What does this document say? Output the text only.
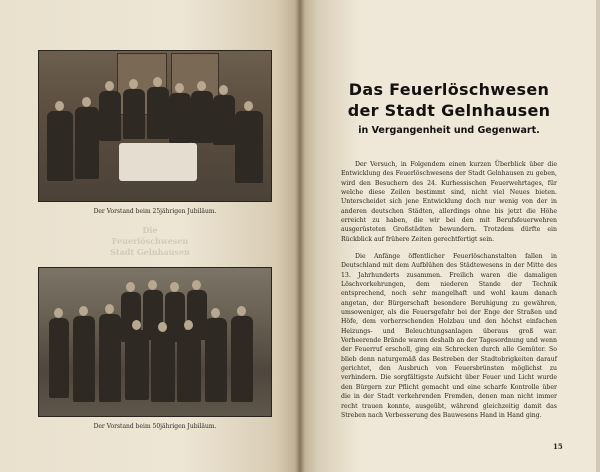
Die
Feuerlöschwesen
Stadt Gelnhausen
Der Vorstand beim 25jährigen Jubiläum.
Der Vorstand beim 50jährigen Jubiläum.
Das Feuerlöschwesen
der Stadt Gelnhausen
in Vergangenheit und Gegenwart.

Der Versuch, in Folgendem einen kurzen Überblick über die Entwicklung des Feuerlöschwesens der Stadt Gelnhausen zu geben, wird den Besuchern des 24. Kurhessischen Feuerwehrtages, für welche diese Zeilen bestimmt sind, nicht viel Neues bieten. Unterscheidet sich jene Entwicklung doch nur wenig von der in anderen deutschen Städten, allerdings ohne bis jetzt die Höhe erreicht zu haben, die wir bei den mit Berufsfeuerwehren ausgerüsteten Großstädten bewundern. Trotzdem dürfte ein Rückblick auf frühere Zeiten gerechtfertigt sein.

Die Anfänge öffentlicher Feuerlöschanstalten fallen in Deutschland mit dem Aufblühen des Städtewesens in der Mitte des 13. Jahrhunderts zusammen. Freilich waren die damaligen Löschvorkehrungen, dem niederen Stande der Technik entsprechend, noch sehr mangelhaft und wohl kaum danach angetan, der Bürgerschaft besondere Beruhigung zu gewähren, umsoweniger, als die Feuersgefahr bei der Enge der Straßen und Höfe, dem vorherrschenden Holzbau und den höchst einfachen Heizungs- und Beleuchtungsanlagen überaus groß war. Verheerende Brände waren deshalb an der Tagesordnung und wenn der Feuerruf erscholl, ging ein Schrecken durch alle Gemüter. So blieb denn naturgemäß das Bestreben der Stadtobrigkeiten darauf gerichtet, den Ausbruch von Feuersbrünsten möglichst zu verhindern. Die sorgfältigste Aufsicht über Feuer und Licht wurde den Bürgern zur Pflicht gemacht und eine scharfe Kontrolle über die in der Stadt verkehrenden Fremden, denen man nicht immer recht trauen konnte, ausgeübt, während gleichzeitig damit das Streben nach Verbesserung des Bauwesens Hand in Hand ging.

15
